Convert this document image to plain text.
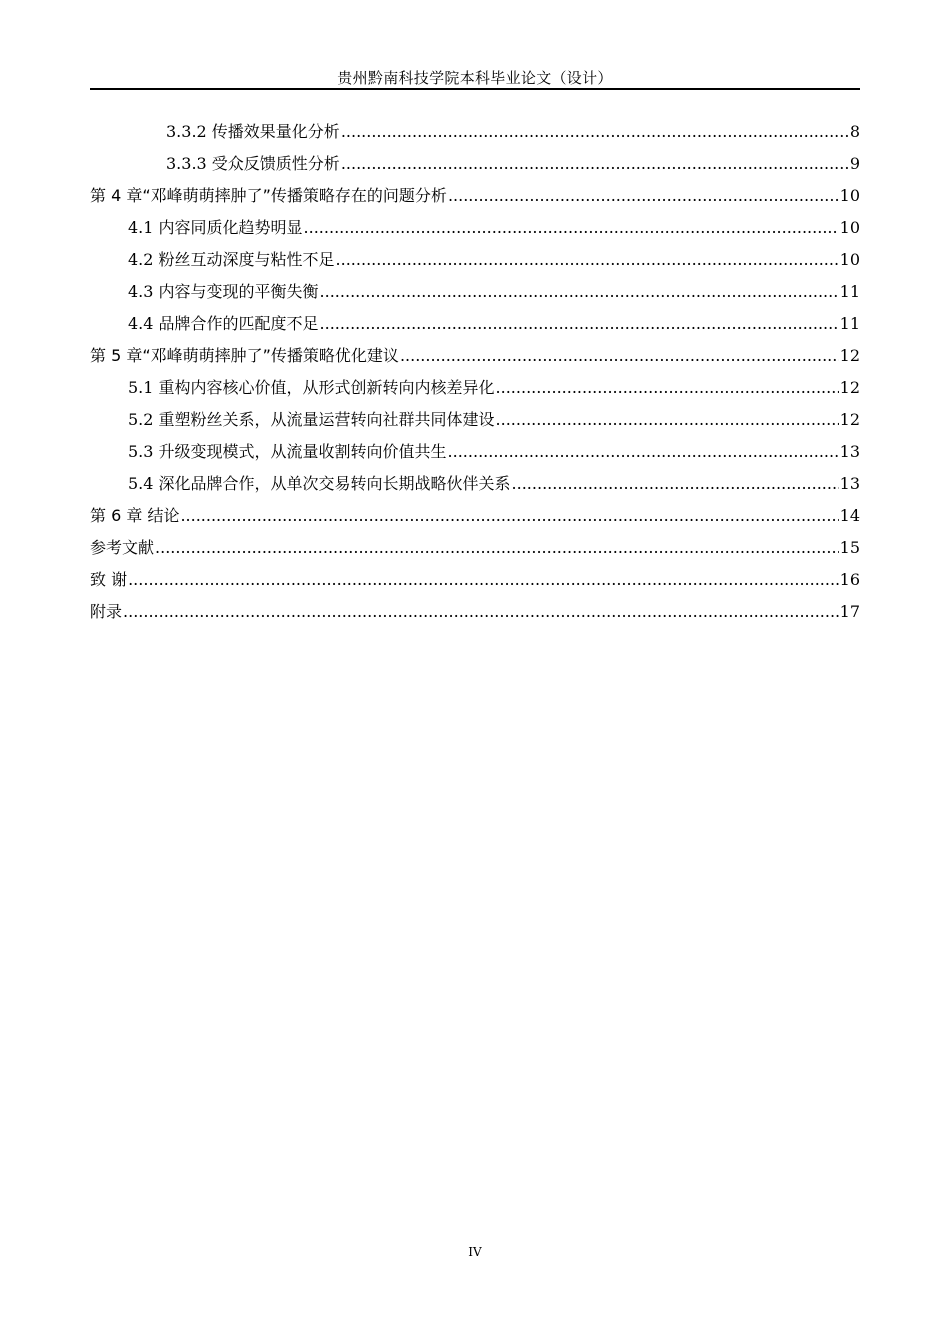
贵州黔南科技学院本科毕业论文（设计）
3.3.2 传播效果量化分析 .....	8
3.3.3 受众反馈质性分析 .....	9
第 4 章“邓峰萌萌摔肿了”传播策略存在的问题分析 .....	10
4.1 内容同质化趋势明显 .....	10
4.2 粉丝互动深度与粘性不足 .....	10
4.3 内容与变现的平衡失衡 .....	11
4.4 品牌合作的匹配度不足 .....	11
第 5 章“邓峰萌萌摔肿了”传播策略优化建议 .....	12
5.1 重构内容核心价值，从形式创新转向内核差异化 .....	12
5.2 重塑粉丝关系，从流量运营转向社群共同体建设 .....	12
5.3 升级变现模式，从流量收割转向价值共生 .....	13
5.4 深化品牌合作，从单次交易转向长期战略伙伴关系 .....	13
第 6 章 结论 .....	14
参考文献 .....	15
致 谢 .....	16
附录 .....	17
IV
